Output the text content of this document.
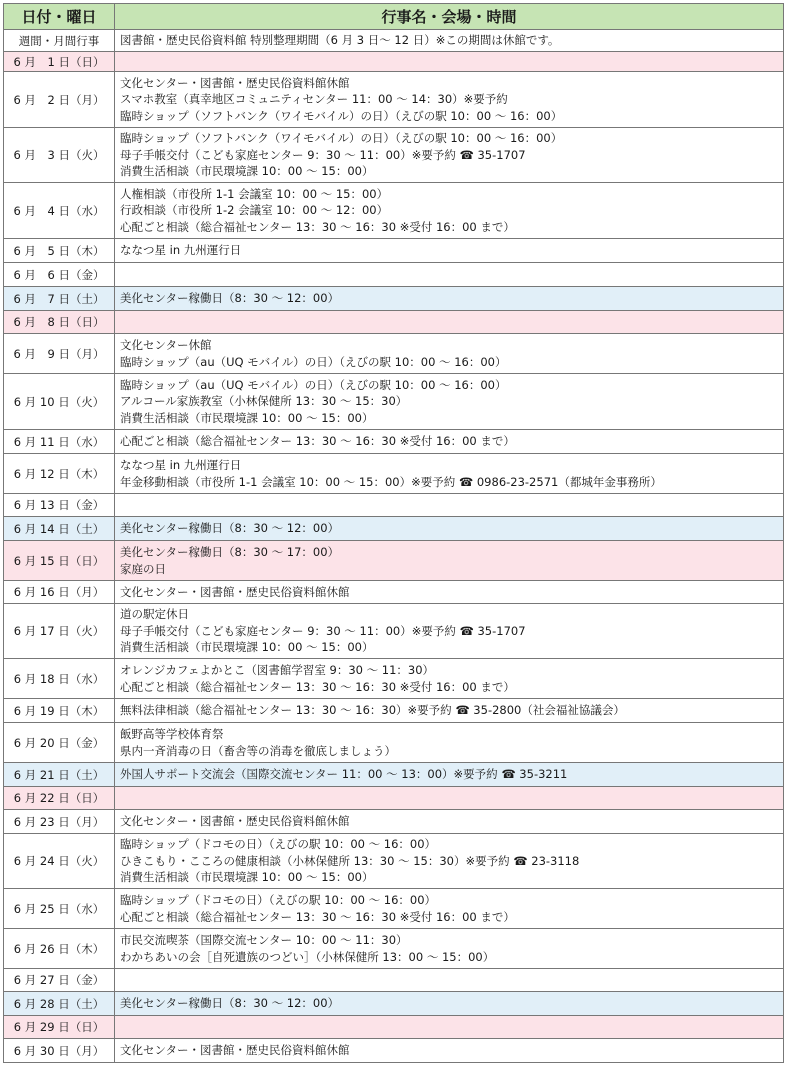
日付・曜日	行事名・会場・時間
週間・月間行事	図書館・歴史民俗資料館 特別整理期間（6 月 3 日〜 12 日）※この期間は休館です。

6 月　1 日（日）	
6 月　2 日（月）	文化センター・図書館・歴史民俗資料館休館
スマホ教室（真幸地区コミュニティセンター 11：00 〜 14：30）※要予約
臨時ショップ（ソフトバンク（ワイモバイル）の日）（えびの駅 10：00 〜 16：00）

6 月　3 日（火）	臨時ショップ（ソフトバンク（ワイモバイル）の日）（えびの駅 10：00 〜 16：00）
母子手帳交付（こども家庭センター 9：30 〜 11：00）※要予約 ☎ 35-1707
消費生活相談（市民環境課 10：00 〜 15：00）

6 月　4 日（水）	人権相談（市役所 1-1 会議室 10：00 〜 15：00）
行政相談（市役所 1-2 会議室 10：00 〜 12：00）
心配ごと相談（総合福祉センター 13：30 〜 16：30 ※受付 16：00 まで）

6 月　5 日（木）	ななつ星 in 九州運行日

6 月　6 日（金）	
6 月　7 日（土）	美化センター稼働日（8：30 〜 12：00）

6 月　8 日（日）	
6 月　9 日（月）	文化センター休館
臨時ショップ（au（UQ モバイル）の日）（えびの駅 10：00 〜 16：00）

6 月 10 日（火）	臨時ショップ（au（UQ モバイル）の日）（えびの駅 10：00 〜 16：00）
アルコール家族教室（小林保健所 13：30 〜 15：30）
消費生活相談（市民環境課 10：00 〜 15：00）

6 月 11 日（水）	心配ごと相談（総合福祉センター 13：30 〜 16：30 ※受付 16：00 まで）

6 月 12 日（木）	ななつ星 in 九州運行日
年金移動相談（市役所 1-1 会議室 10：00 〜 15：00）※要予約 ☎ 0986-23-2571（都城年金事務所）

6 月 13 日（金）	
6 月 14 日（土）	美化センター稼働日（8：30 〜 12：00）

6 月 15 日（日）	美化センター稼働日（8：30 〜 17：00）
家庭の日

6 月 16 日（月）	文化センター・図書館・歴史民俗資料館休館

6 月 17 日（火）	道の駅定休日
母子手帳交付（こども家庭センター 9：30 〜 11：00）※要予約 ☎ 35-1707
消費生活相談（市民環境課 10：00 〜 15：00）

6 月 18 日（水）	オレンジカフェよかとこ（図書館学習室 9：30 〜 11：30）
心配ごと相談（総合福祉センター 13：30 〜 16：30 ※受付 16：00 まで）

6 月 19 日（木）	無料法律相談（総合福祉センター 13：30 〜 16：30）※要予約 ☎ 35-2800（社会福祉協議会）

6 月 20 日（金）	飯野高等学校体育祭
県内一斉消毒の日（畜舎等の消毒を徹底しましょう）

6 月 21 日（土）	外国人サポート交流会（国際交流センター 11：00 〜 13：00）※要予約 ☎ 35-3211

6 月 22 日（日）	
6 月 23 日（月）	文化センター・図書館・歴史民俗資料館休館

6 月 24 日（火）	臨時ショップ（ドコモの日）（えびの駅 10：00 〜 16：00）
ひきこもり・こころの健康相談（小林保健所 13：30 〜 15：30）※要予約 ☎ 23-3118
消費生活相談（市民環境課 10：00 〜 15：00）

6 月 25 日（水）	臨時ショップ（ドコモの日）（えびの駅 10：00 〜 16：00）
心配ごと相談（総合福祉センター 13：30 〜 16：30 ※受付 16：00 まで）

6 月 26 日（木）	市民交流喫茶（国際交流センター 10：00 〜 11：30）
わかちあいの会［自死遺族のつどい］（小林保健所 13：00 〜 15：00）

6 月 27 日（金）	
6 月 28 日（土）	美化センター稼働日（8：30 〜 12：00）

6 月 29 日（日）	
6 月 30 日（月）	文化センター・図書館・歴史民俗資料館休館
